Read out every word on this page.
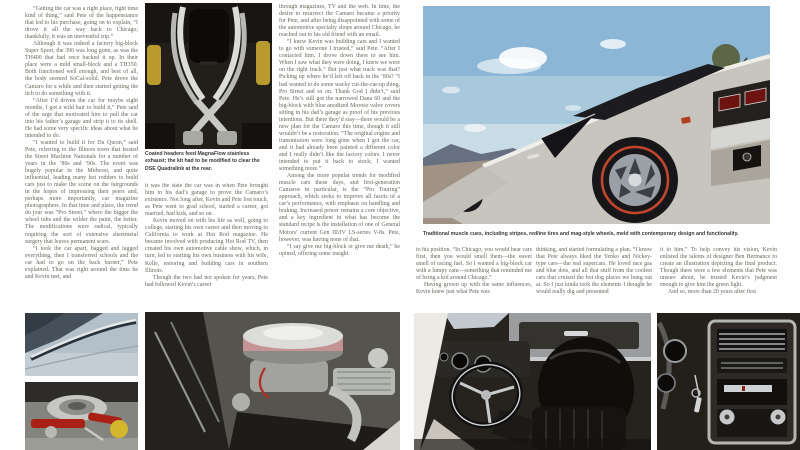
“Getting the car was a right place, right time kind of thing,” said Pete of the happenstance that led to his purchase, going on to explain, “I drove it all the way back to Chicago; thankfully, it was an uneventful trip.”

Although it was indeed a factory big-block Super Sport, the 396 was long gone, as was the TH400 that had once backed it up. In their place were a mild small-block and a TH350. Both functioned well enough, and best of all, the body seemed SoCal-solid. Pete drove the Camaro for a while and then started getting the itch to do something with it.

“After I’d driven the car for maybe eight months, I got a wild hair to build it,” Pete said of the urge that motivated him to pull the car into his father’s garage and strip it to its shell. He had some very specific ideas about what he intended to do.

“I wanted to build it for Du Quoin,” said Pete, referring to the Illinois town that hosted the Street Machine Nationals for a number of years in the ’80s and ’90s. The event was hugely popular in the Midwest, and quite influential, leading many hot rodders to build cars just to make the scene on the fairgrounds in the hopes of impressing their peers and, perhaps more importantly, car magazine photographers. In that time and place, the trend du jour was “Pro Street,” where the bigger the wheel tubs and the wilder the paint, the better. The modifications were radical, typically requiring the sort of extensive sheetmetal surgery that leaves permanent scars.

“I took the car apart, bagged and tagged everything, then I transferred schools and the car had to go on the back burner,” Pete explained. That was right around the time he and Kevin met, and

Coated headers feed MagnaFlow stainless exhaust; the kit had to be modified to clear the DSE Quadralink at the rear.

it was the state the car was in when Pete brought him to his dad’s garage to prove the Camaro’s existence. Not long after, Kevin and Pete lost touch, as Pete went to grad school, started a career, got married, had kids, and so on.

Kevin moved on with his life as well, going to college, starting his own career and then moving to California to work at Hot Rod magazine. He became involved with producing Hot Rod TV, then created his own automotive cable show, which, in turn, led to starting his own business with his wife, Kelle, restoring and building cars in southern Illinois.

Though the two had not spoken for years, Pete had followed Kevin’s career

through magazines, TV and the web. In time, the desire to resurrect the Camaro became a priority for Pete, and after being disappointed with some of the automotive specialty shops around Chicago, he reached out to his old friend with an email.

“I knew Kevin was building cars and I wanted to go with someone I trusted,” said Pete. “After I contacted him, I drove down there to see him. When I saw what they were doing, I knew we were on the right track.” But just what track was that? Picking up where he’d left off back in the ’80s? “I had wanted to do some wacky cut-the-car-up thing, Pro Street and so on. Thank God I didn’t,” said Pete. He’s still got the narrowed Dana 60 and the big-block with blue anodized Moroso valve covers sitting in his dad’s garage as proof of his previous intentions. But there they’d stay—there would be a new plan for the Camaro this time, though it still wouldn’t be a restoration. “The original engine and transmission were long gone when I got the car, and it had already been painted a different color and I really didn’t like the factory colors. I never intended to put it back to stock; I wanted something more.”

Among the more popular trends for modified muscle cars these days, and first-generation Camaros in particular, is the “Pro Touring” approach, which seeks to improve all facets of a car’s performance, with emphasis on handling and braking. Increased power remains a core objective, and a key ingredient in what has become the standard recipe is the installation of one of General Motors’ current Gen III/IV LS-series V-8s. Pete, however, was having none of that.

“I say give me big-block or give me death,” he opined, offering some insight

Traditional muscle cues, including stripes, redline tires and mag-style wheels, meld with contemporary design and functionality.

to his position. “In Chicago, you would hear cars first, then you would smell them—the sweet smell of racing fuel. So I wanted a big-block car with a lumpy cam—something that reminded me of being a kid around Chicago.”

Having grown up with the same influences, Kevin knew just what Pete was

thinking, and started formulating a plan. “I know that Pete always liked the Yenko and Nickey-type cars—the real supercars. He loved race gas and blue dots, and all that stuff from the coolest cars that cruised the hot dog places we hung out at. So I just kinda took the elements I thought he would really dig and presented

it to him.” To help convey his vision, Kevin enlisted the talents of designer Ben Hermance to create an illustration depicting the final product. Though there were a few elements that Pete was unsure about, he trusted Kevin’s judgment enough to give him the green light.

And so, more than 20 years after first
